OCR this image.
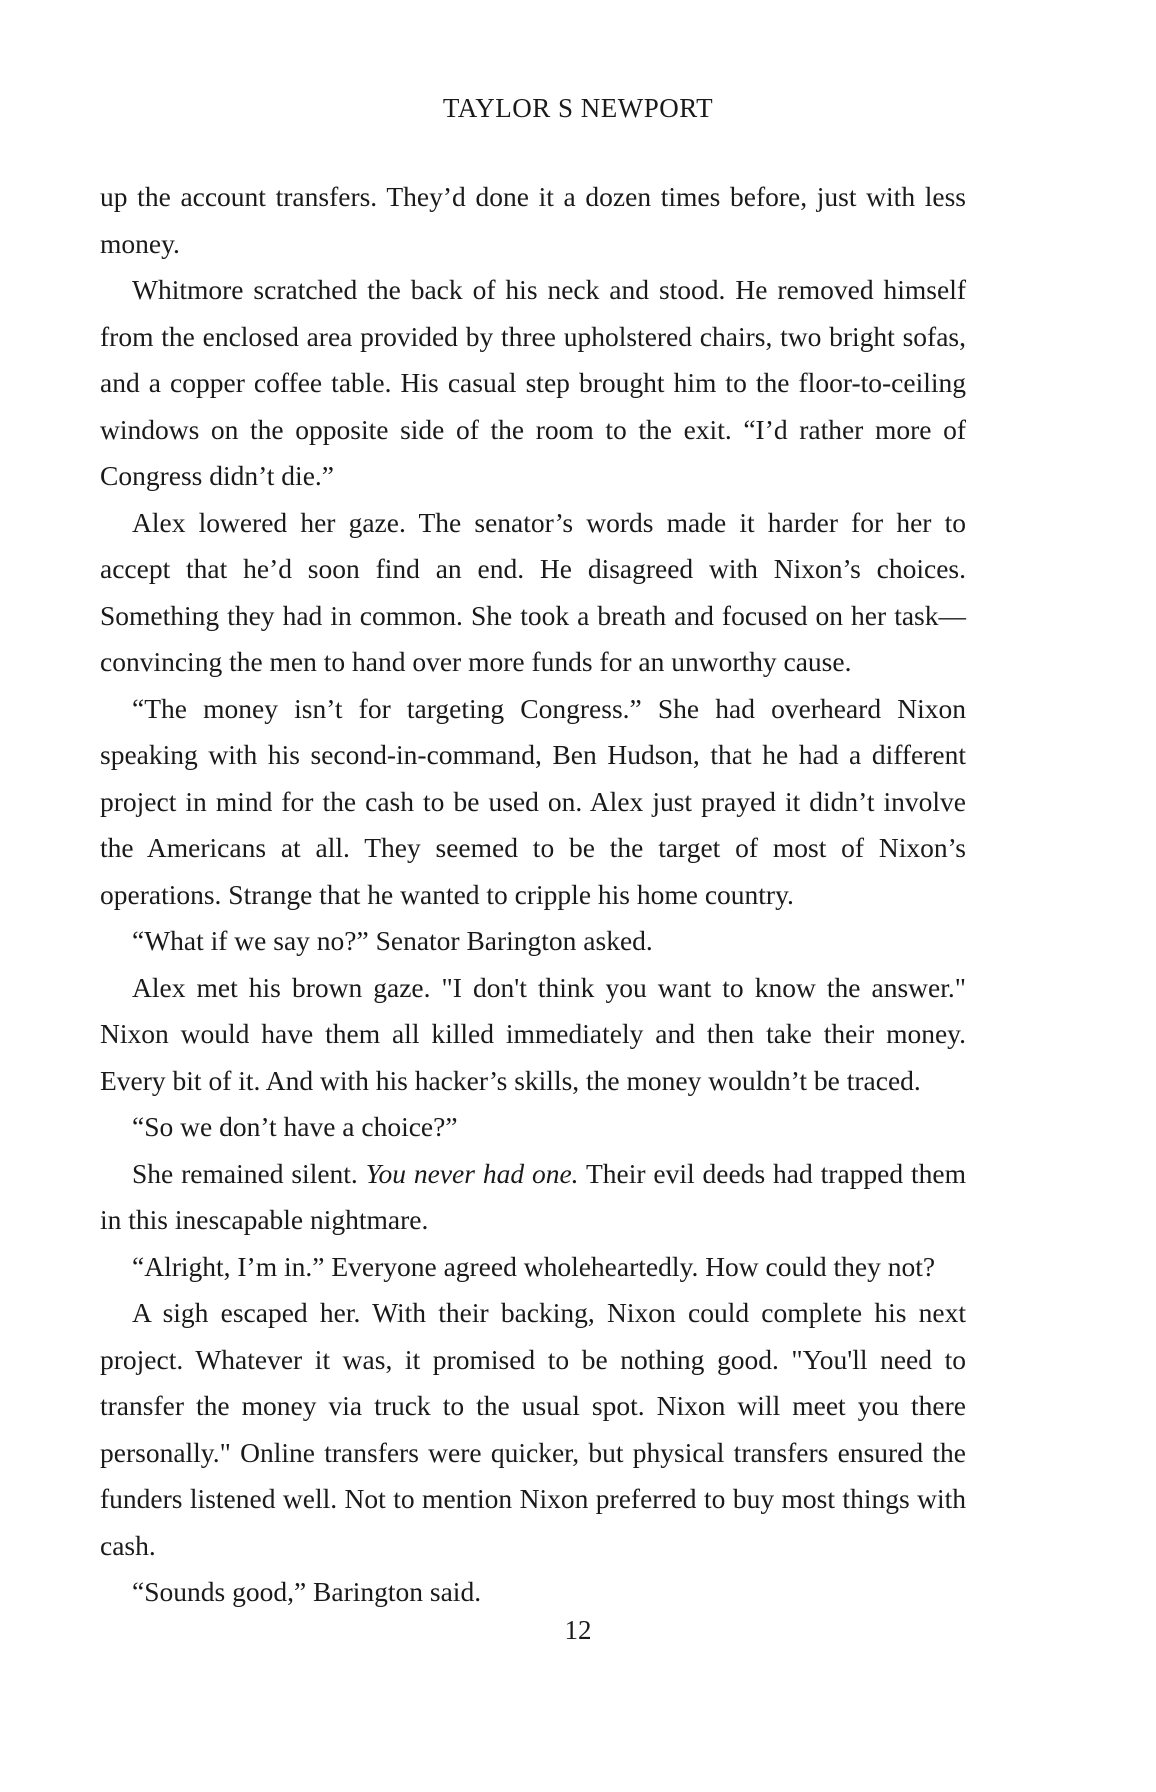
TAYLOR S NEWPORT

up the account transfers. They’d done it a dozen times before, just with less money.

Whitmore scratched the back of his neck and stood. He removed himself from the enclosed area provided by three upholstered chairs, two bright sofas, and a copper coffee table. His casual step brought him to the floor-to-ceiling windows on the opposite side of the room to the exit. “I’d rather more of Congress didn’t die.”

Alex lowered her gaze. The senator’s words made it harder for her to accept that he’d soon find an end. He disagreed with Nixon’s choices. Something they had in common. She took a breath and focused on her task—convincing the men to hand over more funds for an unworthy cause.

“The money isn’t for targeting Congress.” She had overheard Nixon speaking with his second-in-command, Ben Hudson, that he had a different project in mind for the cash to be used on. Alex just prayed it didn’t involve the Americans at all. They seemed to be the target of most of Nixon’s operations. Strange that he wanted to cripple his home country.

“What if we say no?” Senator Barington asked.

Alex met his brown gaze. "I don't think you want to know the answer." Nixon would have them all killed immediately and then take their money. Every bit of it. And with his hacker’s skills, the money wouldn’t be traced.

“So we don’t have a choice?”

She remained silent. You never had one. Their evil deeds had trapped them in this inescapable nightmare.

“Alright, I’m in.” Everyone agreed wholeheartedly. How could they not?

A sigh escaped her. With their backing, Nixon could complete his next project. Whatever it was, it promised to be nothing good. "You'll need to transfer the money via truck to the usual spot. Nixon will meet you there personally." Online transfers were quicker, but physical transfers ensured the funders listened well. Not to mention Nixon preferred to buy most things with cash.

“Sounds good,” Barington said.

12
